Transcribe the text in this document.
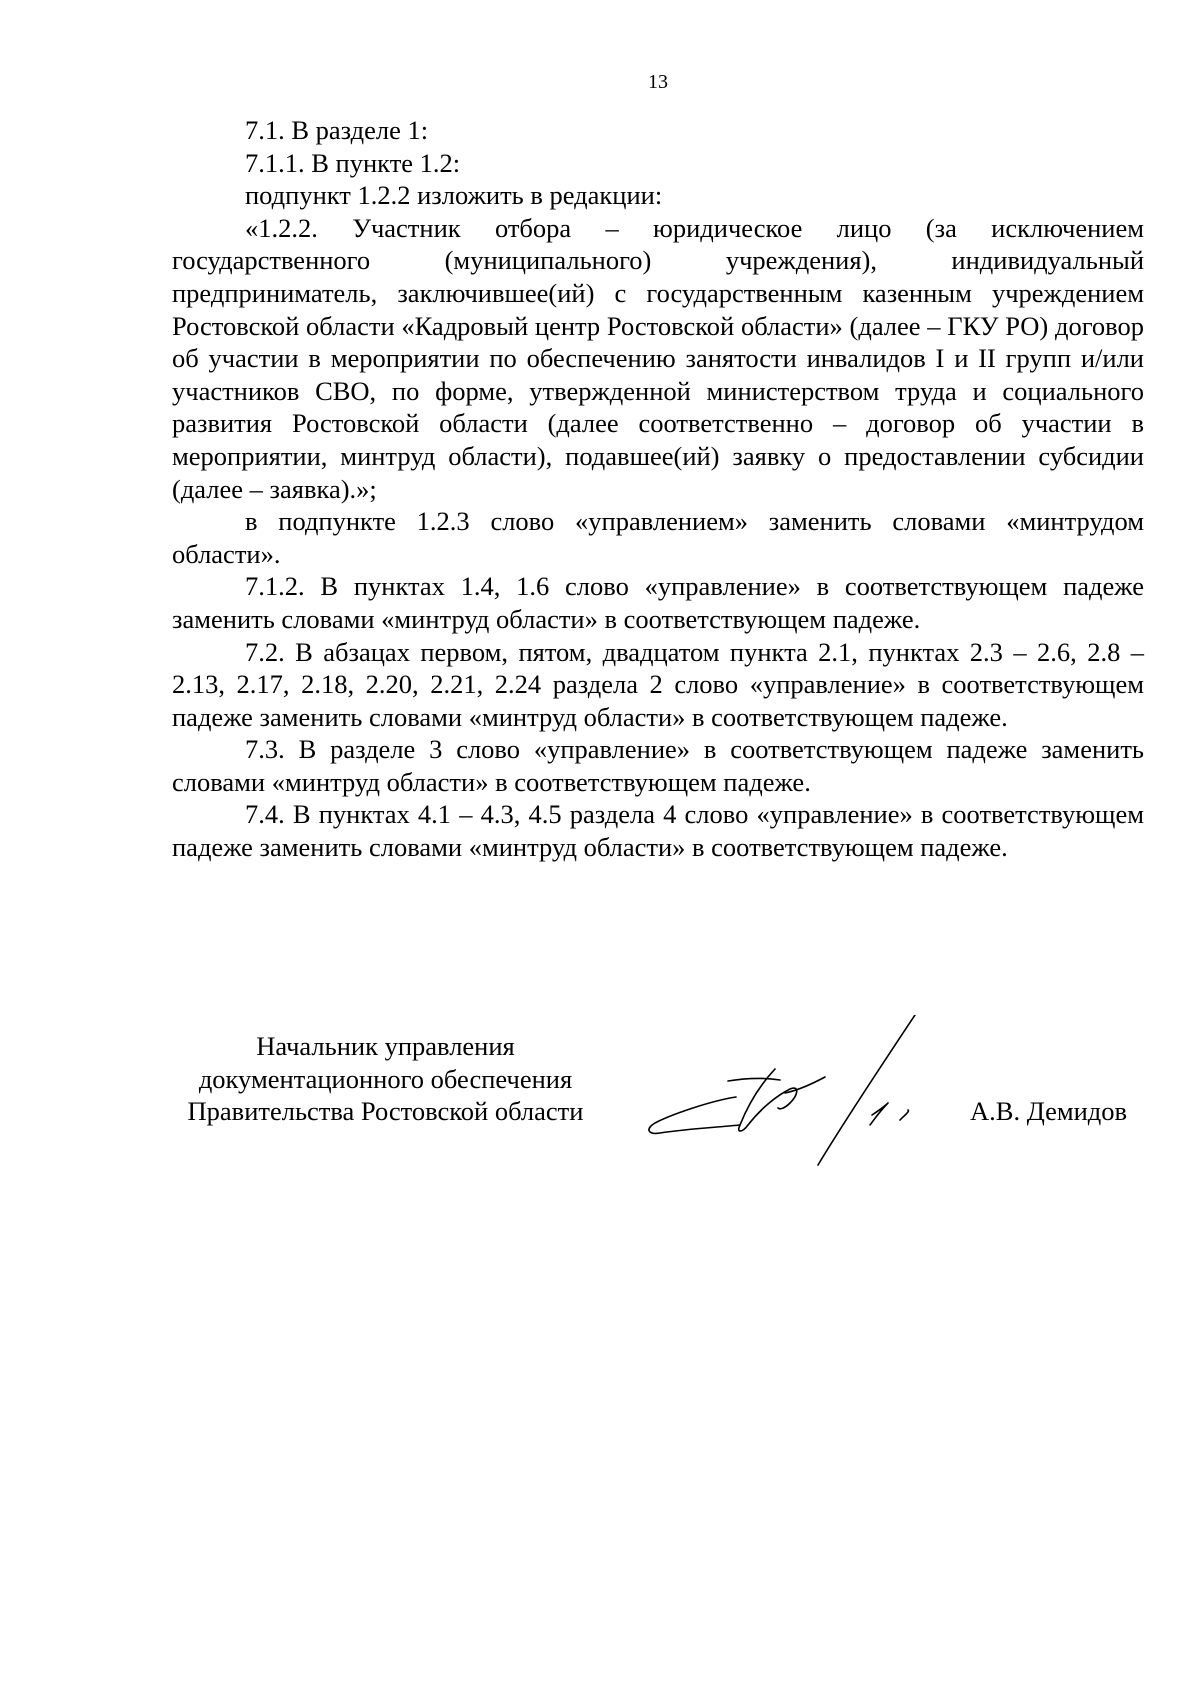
13

7.1. В разделе 1:

7.1.1. В пункте 1.2:

подпункт 1.2.2 изложить в редакции:

«1.2.2. Участник отбора – юридическое лицо (за исключением государственного (муниципального) учреждения), индивидуальный предприниматель, заключившее(ий) с государственным казенным учреждением Ростовской области «Кадровый центр Ростовской области» (далее – ГКУ РО) договор об участии в мероприятии по обеспечению занятости инвалидов I и II групп и/или участников СВО, по форме, утвержденной министерством труда и социального развития Ростовской области (далее соответственно – договор об участии в мероприятии, минтруд области), подавшее(ий) заявку о предоставлении субсидии (далее – заявка).»;

в подпункте 1.2.3 слово «управлением» заменить словами «минтрудом области».

7.1.2. В пунктах 1.4, 1.6 слово «управление» в соответствующем падеже заменить словами «минтруд области» в соответствующем падеже.

7.2. В абзацах первом, пятом, двадцатом пункта 2.1, пунктах 2.3 – 2.6, 2.8 – 2.13, 2.17, 2.18, 2.20, 2.21, 2.24 раздела 2 слово «управление» в соответствующем падеже заменить словами «минтруд области» в соответствующем падеже.

7.3. В разделе 3 слово «управление» в соответствующем падеже заменить словами «минтруд области» в соответствующем падеже.

7.4. В пунктах 4.1 – 4.3, 4.5 раздела 4 слово «управление» в соответствующем падеже заменить словами «минтруд области» в соответствующем падеже.

Начальник управления
документационного обеспечения
Правительства Ростовской области	А.В. Демидов
